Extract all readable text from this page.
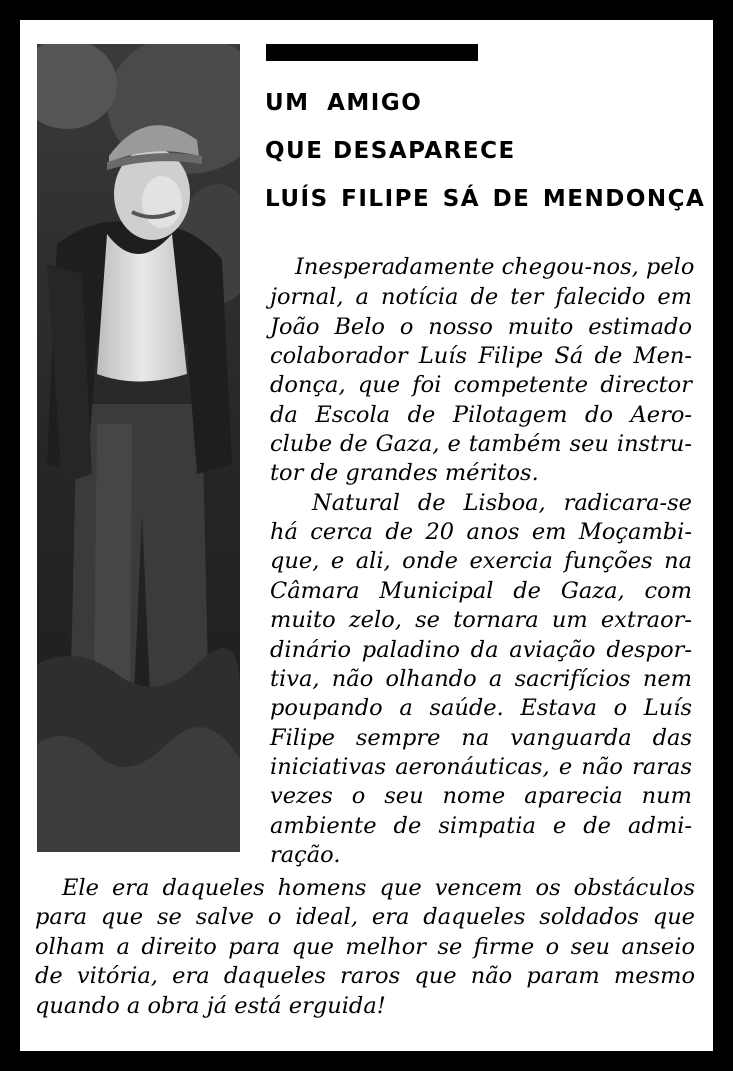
UM AMIGO
QUE DESAPARECE
LUÍS FILIPE SÁ DE MENDONÇA
Inesperadamente chegou-nos, pelo
jornal, a notícia de ter falecido em
João Belo o nosso muito estimado
colaborador Luís Filipe Sá de Men-
donça, que foi competente director
da Escola de Pilotagem do Aero-
clube de Gaza, e também seu instru-
tor de grandes méritos.
Natural de Lisboa, radicara-se
há cerca de 20 anos em Moçambi-
que, e ali, onde exercia funções na
Câmara Municipal de Gaza, com
muito zelo, se tornara um extraor-
dinário paladino da aviação despor-
tiva, não olhando a sacrifícios nem
poupando a saúde. Estava o Luís
Filipe sempre na vanguarda das
iniciativas aeronáuticas, e não raras
vezes o seu nome aparecia num
ambiente de simpatia e de admi-
ração.
Ele era daqueles homens que vencem os obstáculos
para que se salve o ideal, era daqueles soldados que
olham a direito para que melhor se firme o seu anseio
de vitória, era daqueles raros que não param mesmo
quando a obra já está erguida!
